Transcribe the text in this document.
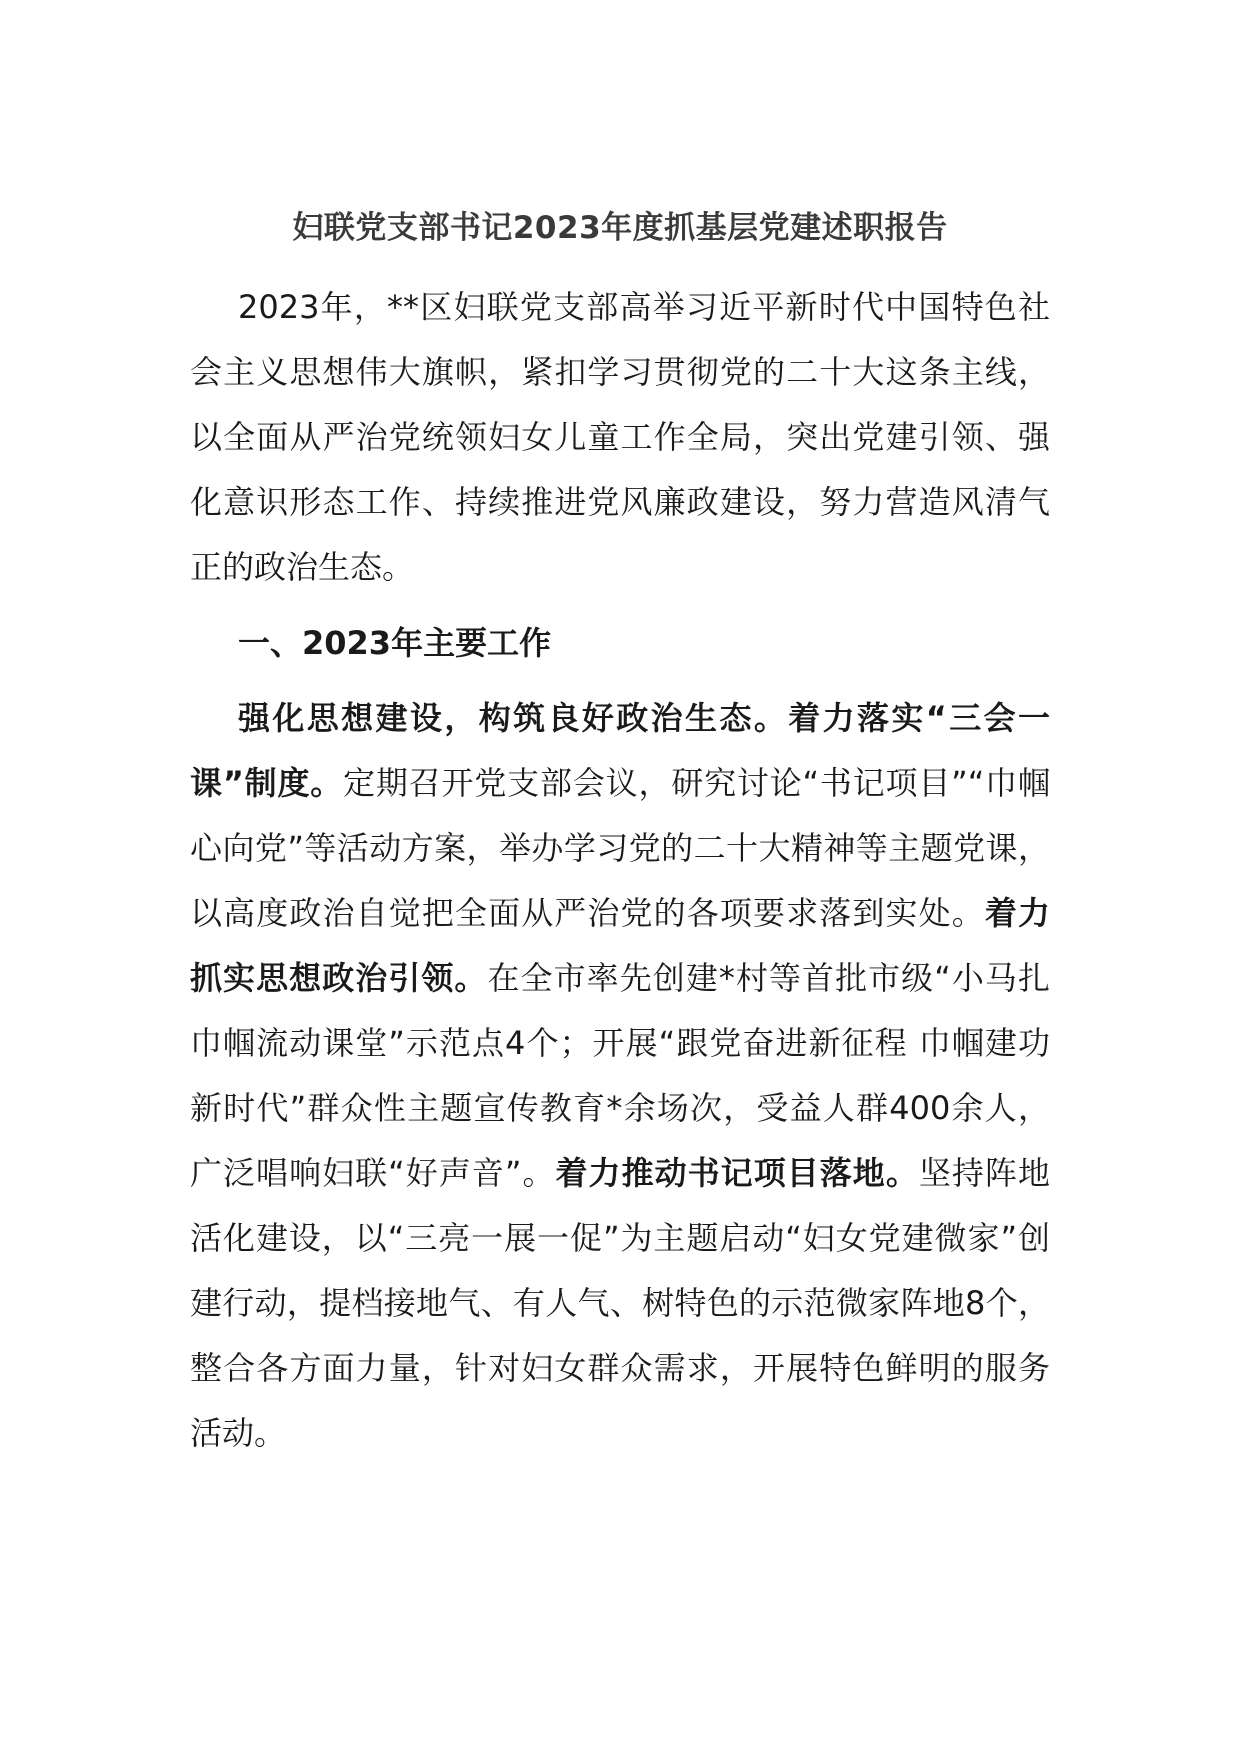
妇联党支部书记2023年度抓基层党建述职报告

2023年，**区妇联党支部高举习近平新时代中国特色社会主义思想伟大旗帜，紧扣学习贯彻党的二十大这条主线，以全面从严治党统领妇女儿童工作全局，突出党建引领、强化意识形态工作、持续推进党风廉政建设，努力营造风清气正的政治生态。

一、2023年主要工作

强化思想建设，构筑良好政治生态。着力落实“三会一课”制度。定期召开党支部会议，研究讨论“书记项目”“巾帼心向党”等活动方案，举办学习党的二十大精神等主题党课，以高度政治自觉把全面从严治党的各项要求落到实处。着力抓实思想政治引领。在全市率先创建*村等首批市级“小马扎巾帼流动课堂”示范点4个；开展“跟党奋进新征程 巾帼建功新时代”群众性主题宣传教育*余场次，受益人群400余人，广泛唱响妇联“好声音”。着力推动书记项目落地。坚持阵地活化建设，以“三亮一展一促”为主题启动“妇女党建微家”创建行动，提档接地气、有人气、树特色的示范微家阵地8个，整合各方面力量，针对妇女群众需求，开展特色鲜明的服务活动。
